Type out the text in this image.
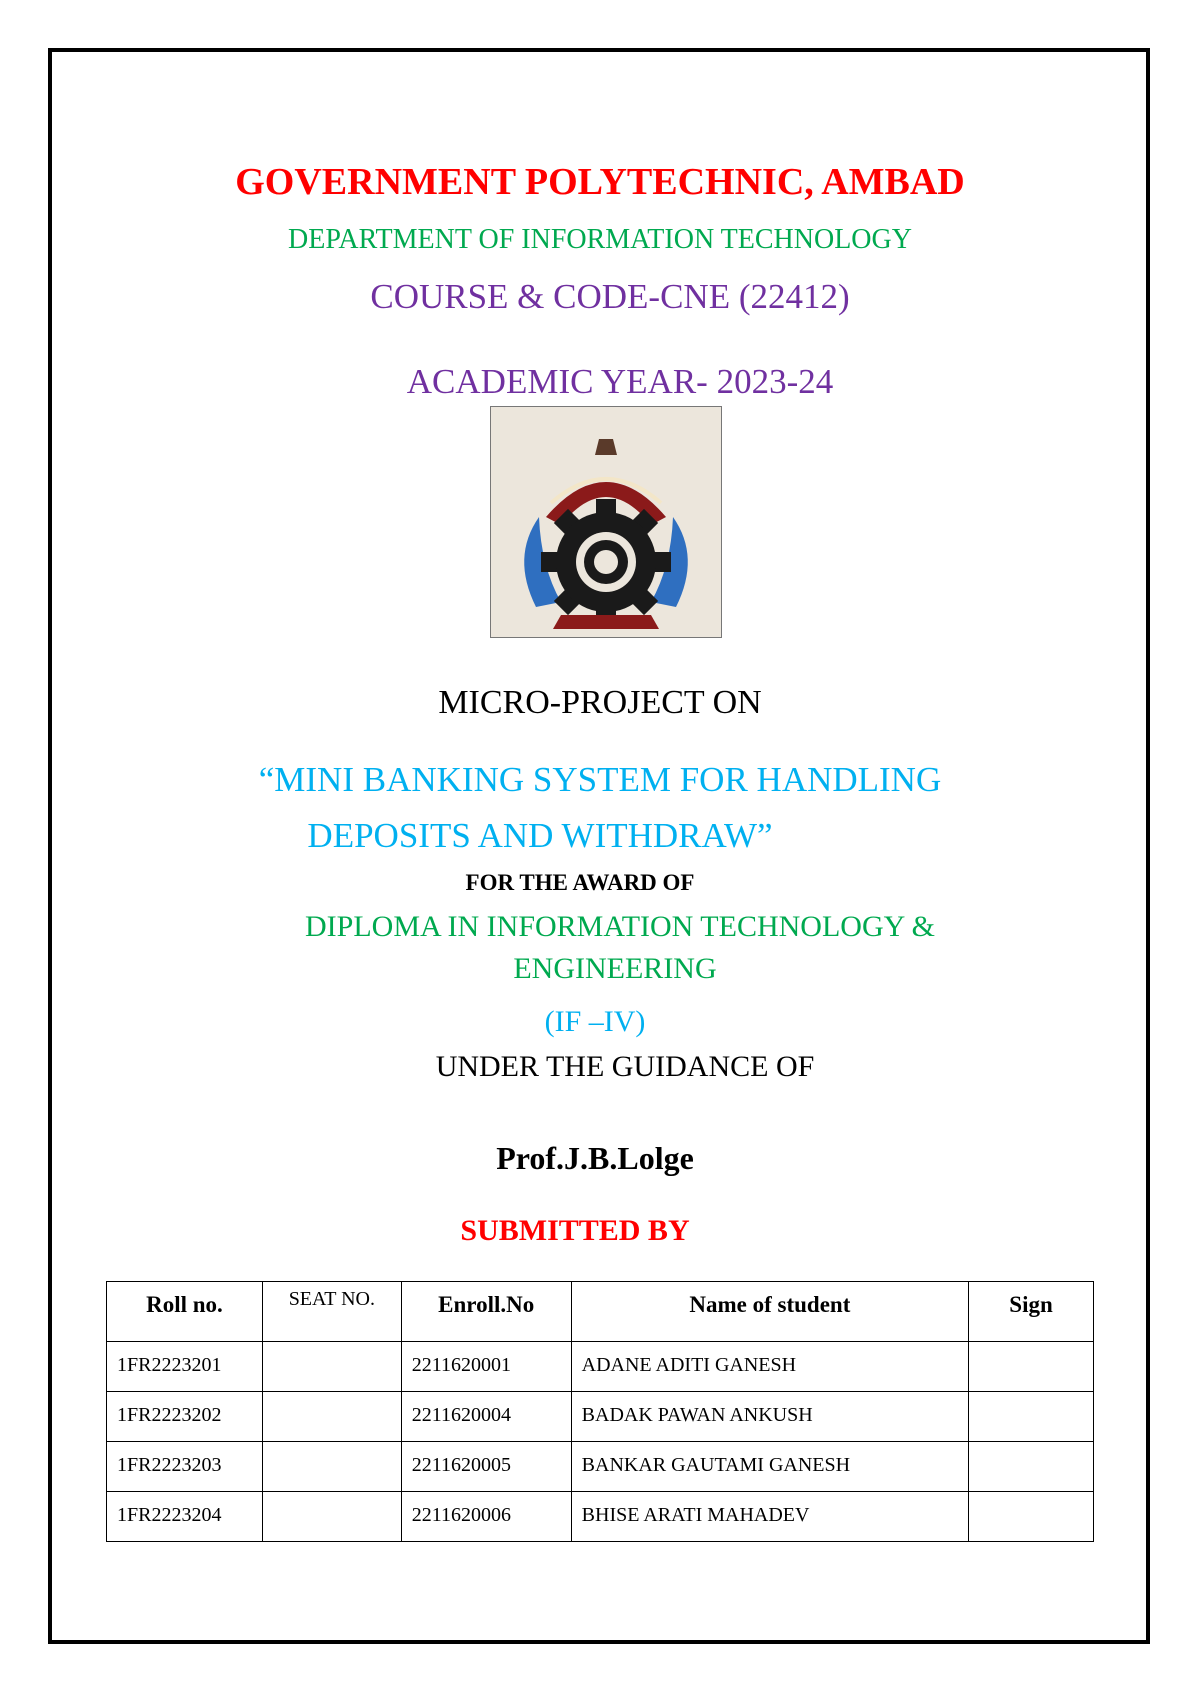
GOVERNMENT POLYTECHNIC, AMBAD
DEPARTMENT OF INFORMATION TECHNOLOGY
COURSE & CODE-CNE (22412)
ACADEMIC YEAR- 2023-24
MICRO-PROJECT ON
“MINI BANKING SYSTEM FOR HANDLING
DEPOSITS AND WITHDRAW”
FOR THE AWARD OF
DIPLOMA IN INFORMATION TECHNOLOGY &
ENGINEERING
(IF –IV)
UNDER THE GUIDANCE OF
Prof.J.B.Lolge
SUBMITTED BY
Roll no.	SEAT NO.	Enroll.No	Name of student	Sign
1FR2223201		2211620001	ADANE ADITI GANESH	
1FR2223202		2211620004	BADAK PAWAN ANKUSH	
1FR2223203		2211620005	BANKAR GAUTAMI GANESH	
1FR2223204		2211620006	BHISE ARATI MAHADEV	
